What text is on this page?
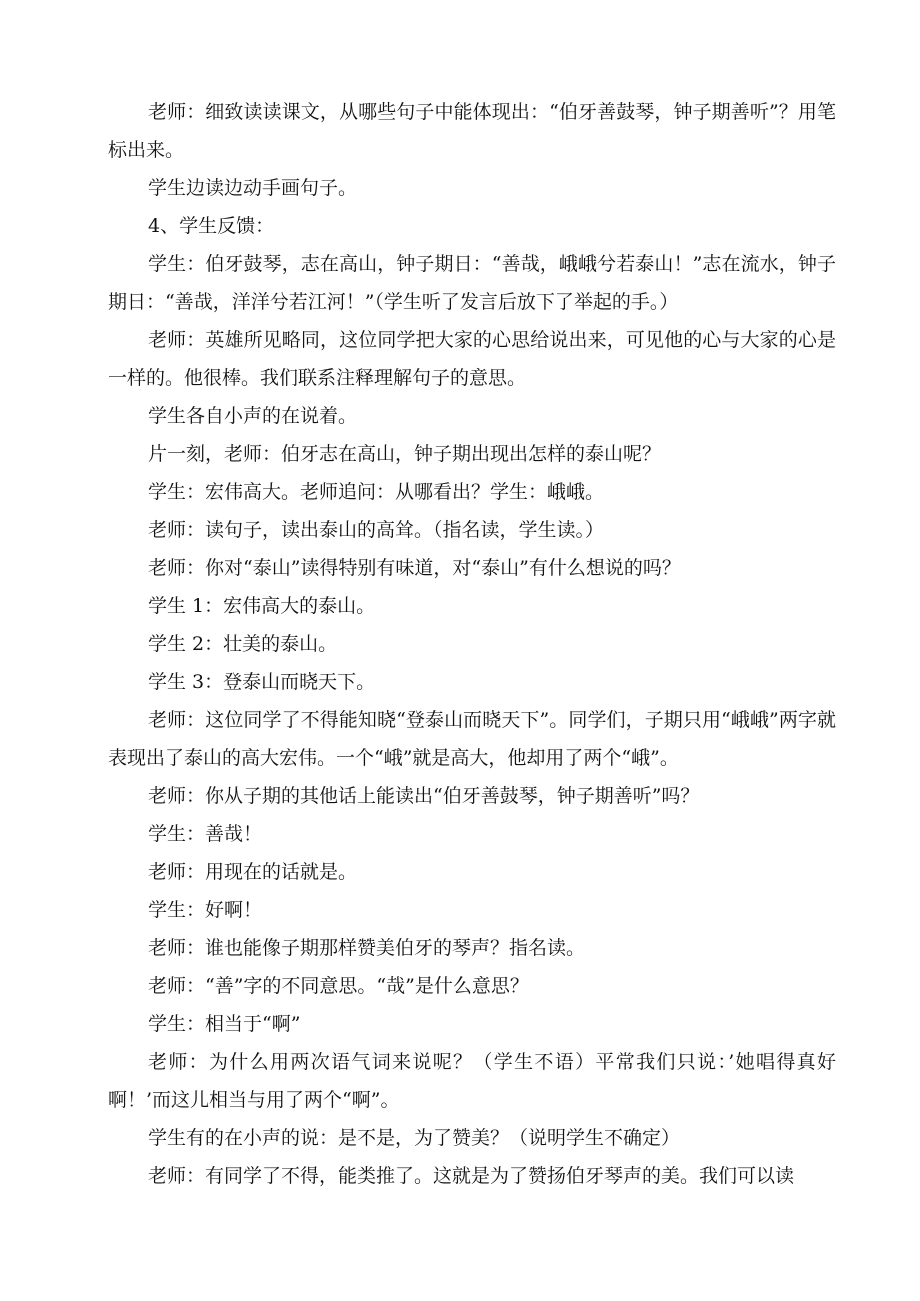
老师：细致读读课文，从哪些句子中能体现出：“伯牙善鼓琴，钟子期善听”？用笔标出来。

学生边读边动手画句子。

4、学生反馈：

学生：伯牙鼓琴，志在高山，钟子期日：“善哉，峨峨兮若泰山！”志在流水，钟子期日：“善哉，洋洋兮若江河！”（学生听了发言后放下了举起的手。）

老师：英雄所见略同，这位同学把大家的心思给说出来，可见他的心与大家的心是一样的。他很棒。我们联系注释理解句子的意思。

学生各自小声的在说着。

片一刻，老师：伯牙志在高山，钟子期出现出怎样的泰山呢？

学生：宏伟高大。老师追问：从哪看出？学生：峨峨。

老师：读句子，读出泰山的高耸。（指名读，学生读。）

老师：你对“泰山”读得特别有味道，对“泰山”有什么想说的吗？

学生 1：宏伟高大的泰山。

学生 2：壮美的泰山。

学生 3：登泰山而晓天下。

老师：这位同学了不得能知晓“登泰山而晓天下”。同学们，子期只用“峨峨”两字就表现出了泰山的高大宏伟。一个“峨”就是高大，他却用了两个“峨”。

老师：你从子期的其他话上能读出“伯牙善鼓琴，钟子期善听”吗？

学生：善哉！

老师：用现在的话就是。

学生：好啊！

老师：谁也能像子期那样赞美伯牙的琴声？指名读。

老师：“善”字的不同意思。“哉”是什么意思？

学生：相当于“啊”

老师：为什么用两次语气词来说呢？（学生不语）平常我们只说：’她唱得真好啊！’而这儿相当与用了两个“啊”。

学生有的在小声的说：是不是，为了赞美？（说明学生不确定）

老师：有同学了不得，能类推了。这就是为了赞扬伯牙琴声的美。我们可以读
